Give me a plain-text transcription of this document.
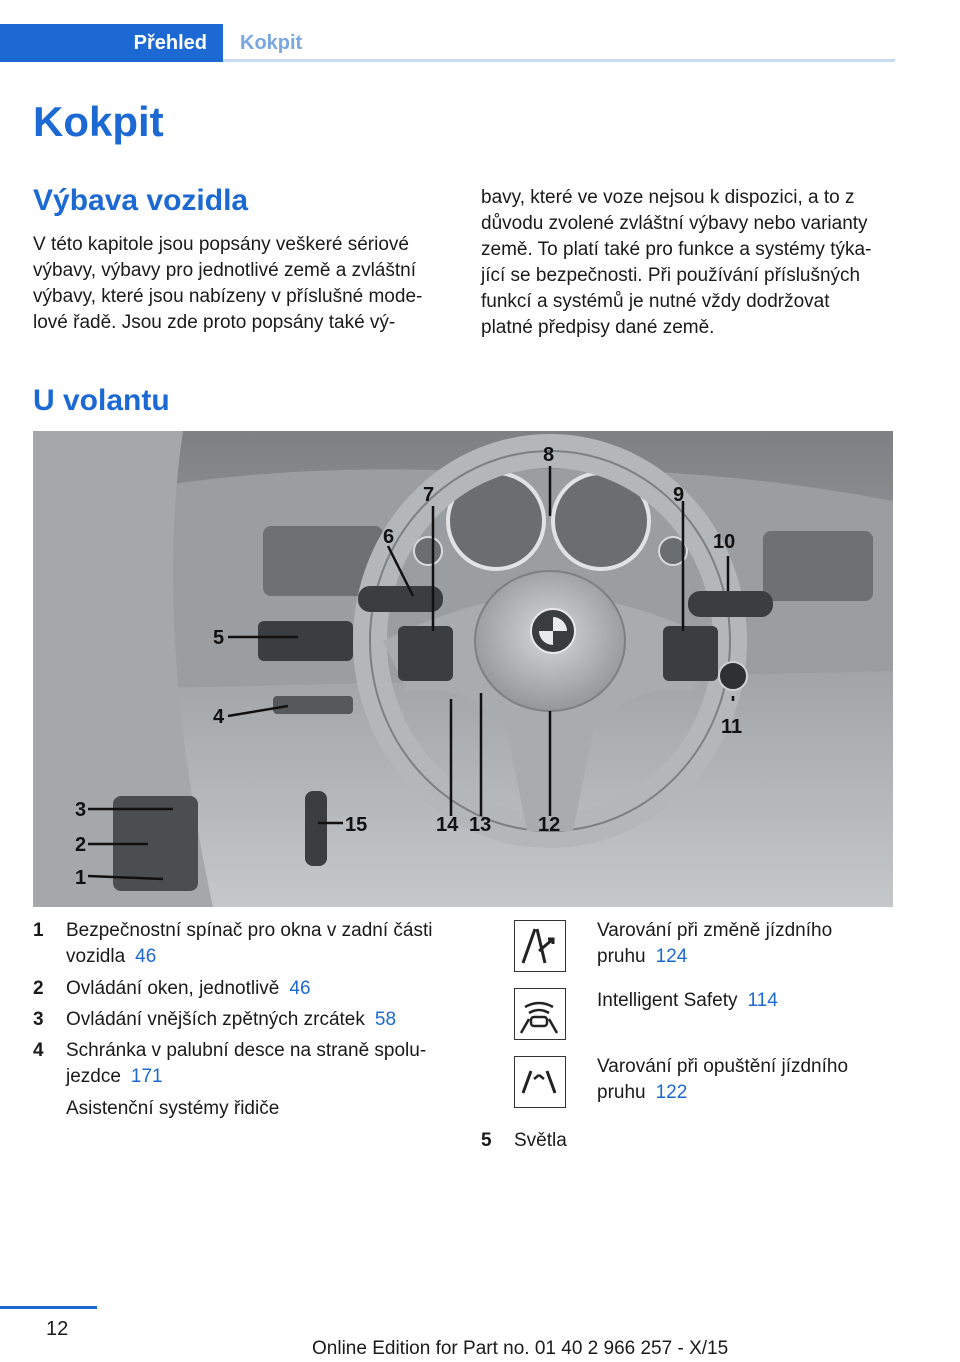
Přehled	Kokpit
Kokpit
Výbava vozidla
V této kapitole jsou popsány veškeré sériové
výbavy, výbavy pro jednotlivé země a zvláštní
výbavy, které jsou nabízeny v příslušné mode‐
lové řadě. Jsou zde proto popsány také vý‐
bavy, které ve voze nejsou k dispozici, a to z
důvodu zvolené zvláštní výbavy nebo varianty
země. To platí také pro funkce a systémy týka‐
jící se bezpečnosti. Při používání příslušných
funkcí a systémů je nutné vždy dodržovat
platné předpisy dané země.
U volantu
1
2
3
4
5
6
7
8
9
10
11
12
13
14
15
1 Bezpečnostní spínač pro okna v zadní části
vozidla 46
2 Ovládání oken, jednotlivě 46
3 Ovládání vnějších zpětných zrcátek 58
4 Schránka v palubní desce na straně spolu‐
jezdce 171
Asistenční systémy řidiče
Varování při změně jízdního
pruhu 124
Intelligent Safety 114
Varování při opuštění jízdního
pruhu 122
5 Světla
12
Online Edition for Part no. 01 40 2 966 257 - X/15
